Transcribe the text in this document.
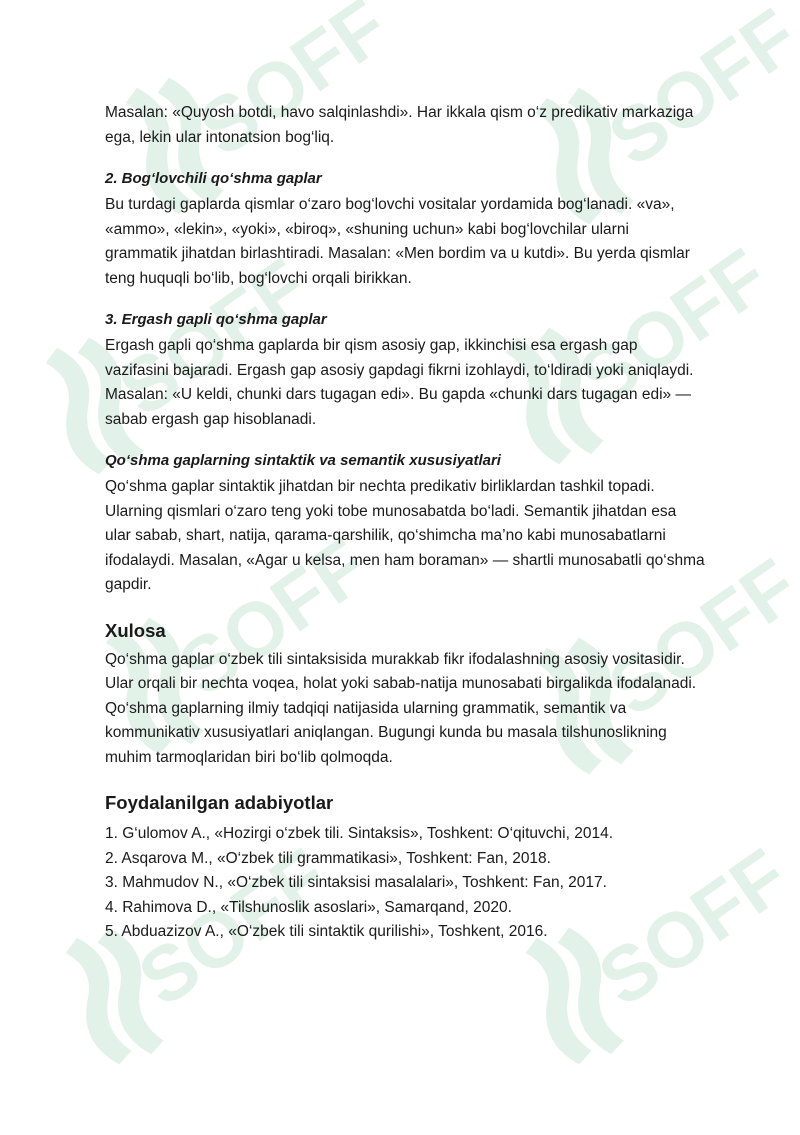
Masalan: «Quyosh botdi, havo salqinlashdi». Har ikkala qism o‘z predikativ markaziga ega, lekin ular intonatsion bog‘liq.

2. Bog‘lovchili qo‘shma gaplar

Bu turdagi gaplarda qismlar o‘zaro bog‘lovchi vositalar yordamida bog‘lanadi. «va», «ammo», «lekin», «yoki», «biroq», «shuning uchun» kabi bog‘lovchilar ularni grammatik jihatdan birlashtiradi. Masalan: «Men bordim va u kutdi». Bu yerda qismlar teng huquqli bo‘lib, bog‘lovchi orqali birikkan.

3. Ergash gapli qo‘shma gaplar

Ergash gapli qo‘shma gaplarda bir qism asosiy gap, ikkinchisi esa ergash gap vazifasini bajaradi. Ergash gap asosiy gapdagi fikrni izohlaydi, to‘ldiradi yoki aniqlaydi. Masalan: «U keldi, chunki dars tugagan edi». Bu gapda «chunki dars tugagan edi» — sabab ergash gap hisoblanadi.

Qo‘shma gaplarning sintaktik va semantik xususiyatlari

Qo‘shma gaplar sintaktik jihatdan bir nechta predikativ birliklardan tashkil topadi. Ularning qismlari o‘zaro teng yoki tobe munosabatda bo‘ladi. Semantik jihatdan esa ular sabab, shart, natija, qarama-qarshilik, qo‘shimcha ma’no kabi munosabatlarni ifodalaydi. Masalan, «Agar u kelsa, men ham boraman» — shartli munosabatli qo‘shma gapdir.

Xulosa

Qo‘shma gaplar o‘zbek tili sintaksisida murakkab fikr ifodalashning asosiy vositasidir. Ular orqali bir nechta voqea, holat yoki sabab-natija munosabati birgalikda ifodalanadi. Qo‘shma gaplarning ilmiy tadqiqi natijasida ularning grammatik, semantik va kommunikativ xususiyatlari aniqlangan. Bugungi kunda bu masala tilshunoslikning muhim tarmoqlaridan biri bo‘lib qolmoqda.

Foydalanilgan adabiyotlar
1. G‘ulomov A., «Hozirgi o‘zbek tili. Sintaksis», Toshkent: O‘qituvchi, 2014.
2. Asqarova M., «O‘zbek tili grammatikasi», Toshkent: Fan, 2018.
3. Mahmudov N., «O‘zbek tili sintaksisi masalalari», Toshkent: Fan, 2017.
4. Rahimova D., «Tilshunoslik asoslari», Samarqand, 2020.
5. Abduazizov A., «O‘zbek tili sintaktik qurilishi», Toshkent, 2016.
